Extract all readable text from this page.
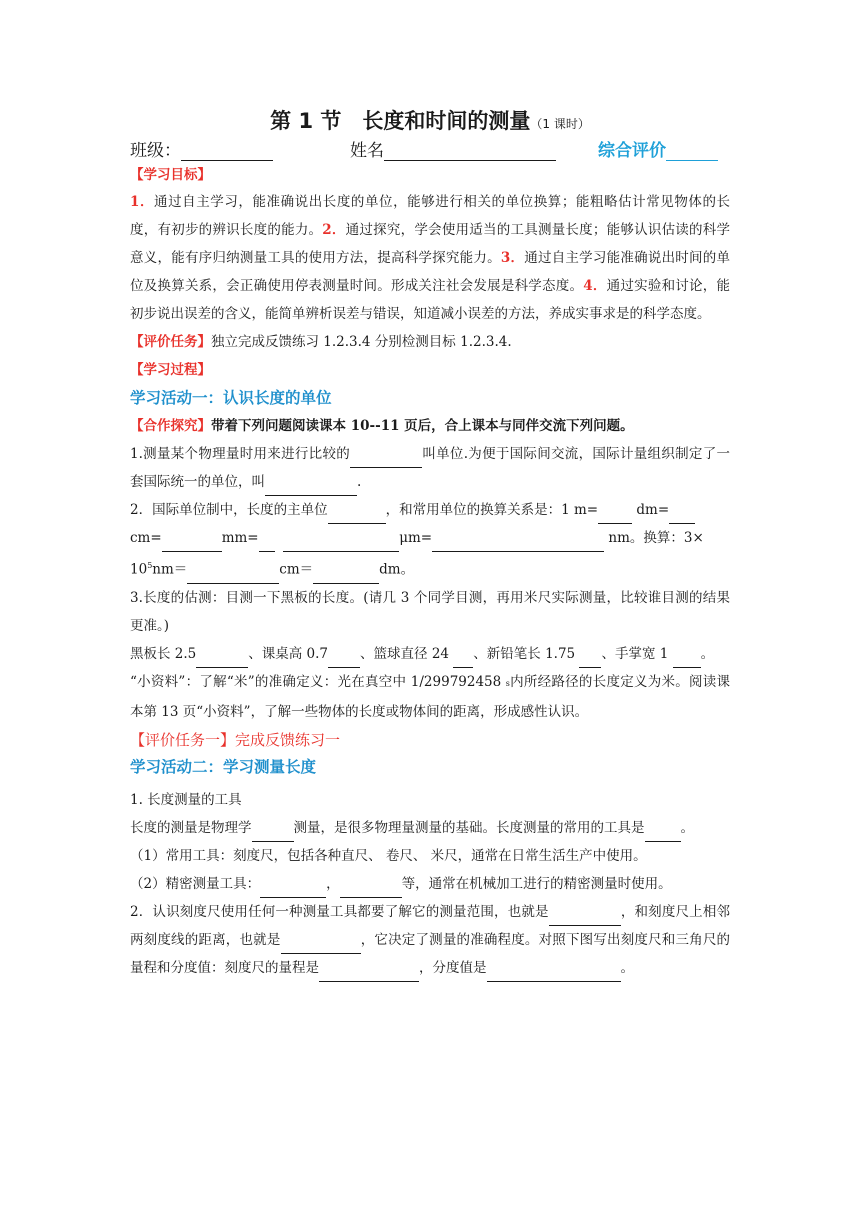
第 1 节　长度和时间的测量（1 课时）
班级：	姓名	综合评价

【学习目标】

1．通过自主学习，能准确说出长度的单位，能够进行相关的单位换算；能粗略估计常见物体的长度，有初步的辨识长度的能力。2．通过探究，学会使用适当的工具测量长度；能够认识估读的科学意义，能有序归纳测量工具的使用方法，提高科学探究能力。3．通过自主学习能准确说出时间的单位及换算关系，会正确使用停表测量时间。形成关注社会发展是科学态度。4．通过实验和讨论，能初步说出误差的含义，能简单辨析误差与错误，知道减小误差的方法，养成实事求是的科学态度。

【评价任务】独立完成反馈练习 1.2.3.4 分别检测目标 1.2.3.4.

【学习过程】

学习活动一：认识长度的单位

【合作探究】带着下列问题阅读课本 10--11 页后，合上课本与同伴交流下列问题。

1.测量某个物理量时用来进行比较的	叫单位.为便于国际间交流，国际计量组织制定了一套国际统一的单位，叫	.

2．国际单位制中，长度的主单位	，和常用单位的换算关系是：1 m=	dm=
cm=	mm=	μm=	nm。换算：3×
$10^5nm=$	cm＝	dm。

3.长度的估测：目测一下黑板的长度。(请几 3 个同学目测，再用米尺实际测量，比较谁目测的结果更准。)

黑板长 2.5	、课桌高 0.7 、篮球直径 24 、新铅笔长 1.75 、手掌宽 1 。
“小资料”：了解“米”的准确定义：光在真空中 1/299792458 s内所经路径的长度定义为米。阅读课本第 13 页“小资料”，了解一些物体的长度或物体间的距离，形成感性认识。

【评价任务一】完成反馈练习一

学习活动二：学习测量长度

1. 长度测量的工具

长度的测量是物理学	测量，是很多物理量测量的基础。长度测量的常用的工具是	。

（1）常用工具：刻度尺，包括各种直尺、 卷尺、 米尺，通常在日常生活生产中使用。

（2）精密测量工具：	，	等，通常在机械加工进行的精密测量时使用。

2．认识刻度尺使用任何一种测量工具都要了解它的测量范围，也就是	，和刻度尺上相邻两刻度线的距离，也就是	，它决定了测量的准确程度。对照下图写出刻度尺和三角尺的量程和分度值：刻度尺的量程是	，分度值是	。
